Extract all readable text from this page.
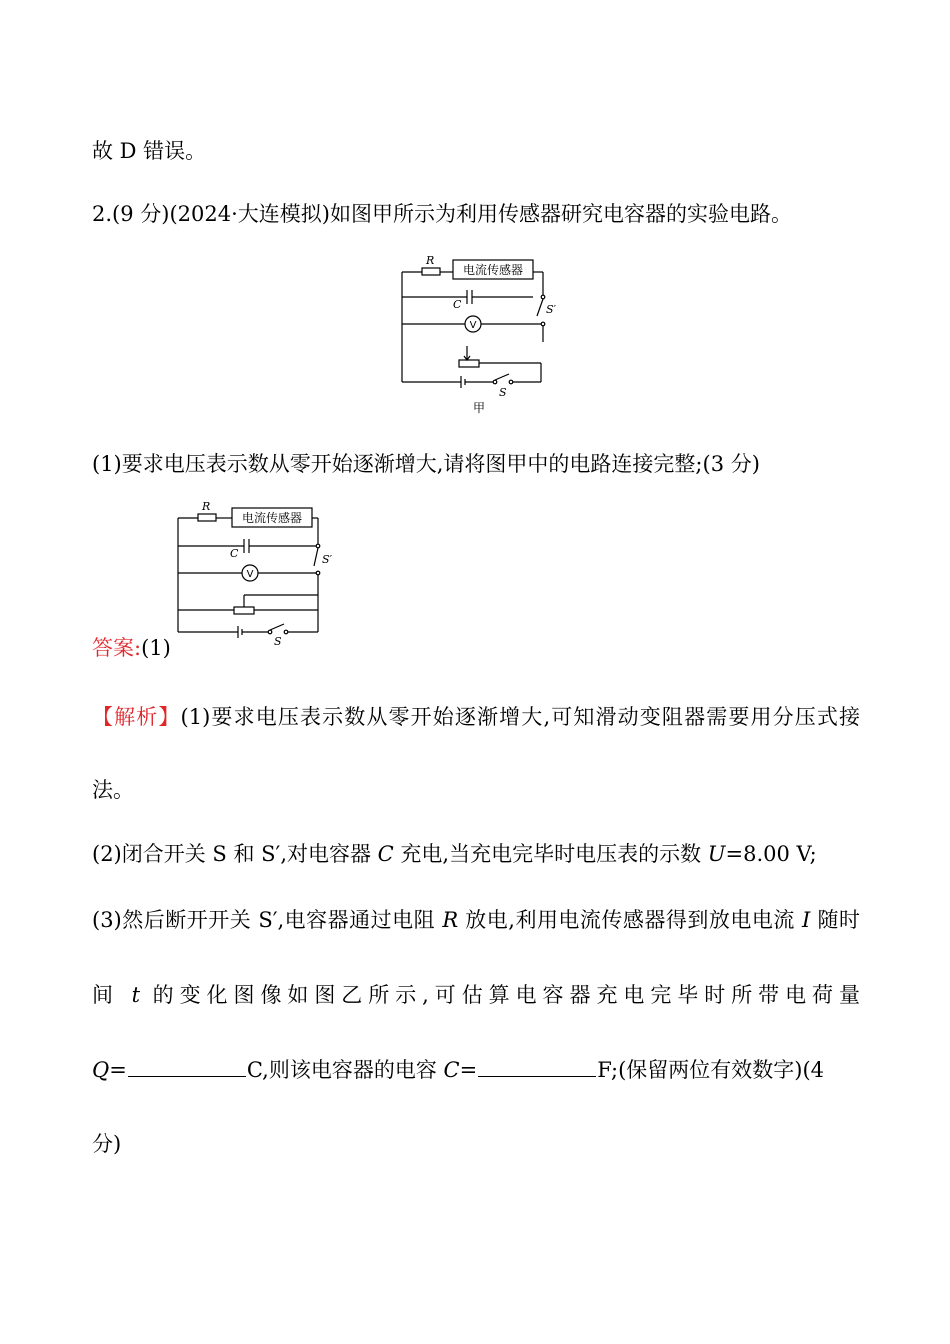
故 D 错误。
2.(9 分)(2024·大连模拟)如图甲所示为利用传感器研究电容器的实验电路。
R
电流传感器
C	S′
V
S
甲
(1)要求电压表示数从零开始逐渐增大,请将图甲中的电路连接完整;(3 分)
R
电流传感器
C	S′
V
S
答案:(1)
【解析】(1)要求电压表示数从零开始逐渐增大,可知滑动变阻器需要用分压式接
法。
(2)闭合开关 S 和 S′,对电容器 C 充电,当充电完毕时电压表的示数 U=8.00 V;
(3)然后断开开关 S′,电容器通过电阻 R 放电,利用电流传感器得到放电电流 I 随时
间 t 的变化图像如图乙所示,可估算电容器充电完毕时所带电荷量
Q=	C,则该电容器的电容 C=	F;(保留两位有效数字)(4
分)
